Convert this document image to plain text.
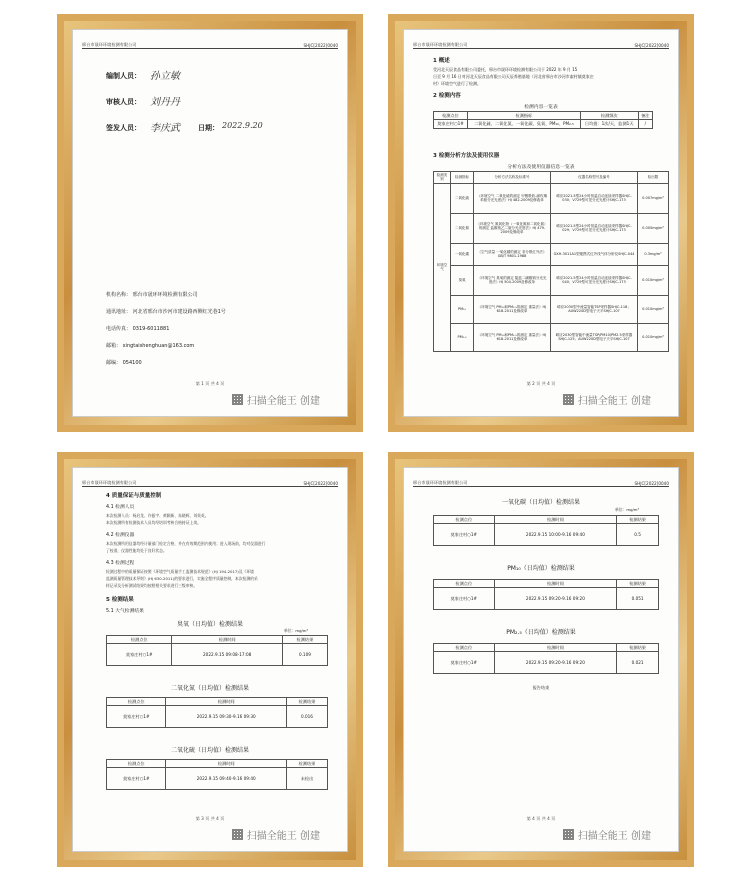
邢台市晟环环境检测有限公司	SHJC[2022]0040
编制人员： 孙立敏
审核人员： 刘丹丹
签发人员： 李庆武	日期： 2022.9.20
机构名称： 邢台市晟环环境检测有限公司
通讯地址： 河北省邢台市沙河市建设路西侧红光巷1号
电话传真： 0319-6011881
邮箱： xingtaishenghuan@163.com
邮编： 054100
第 1 页 共 4 页
扫描全能王 创建
邢台市晟环环境检测有限公司	SHJC[2022]0040
1 概述
受河北天辰食品有限公司委托，邢台市晟环环境检测有限公司于 2022 年 9 月 15
日至 9 月 16 日对河北天辰食品有限公司天辰养殖基地（河北省邢台市沙河市索村镇莫家庄
村）环境空气进行了检测。
2 检测内容
检测内容一览表
检测点位	检测指标	检测频次	备注
莫家庄村○1#	二氧化硫、二氧化氮、一氧化碳、臭氧、PM₁₀、PM₂.₅	日均值：1次/天，监测1天	/
3 检测分析方法及使用仪器
分析方法及使用仪器信息一览表
检测类别	检测指标	分析方法名称及标准号	仪器名称型号及编号	检出限
环境空气	二氧化硫	《环境空气 二氧化硫的测定 甲醛吸收-副玫瑰苯胺分光光度法》HJ 482-2009及修改单	崂应2021-5型24小时恒温自动连续采样器SHJC-030；V729型可见分光光度计SHJC-173	0.007mg/m³
	二氧化氮	《环境空气 氮氧化物（一氧化氮和二氧化氮）的测定 盐酸萘乙二胺分光光度法》HJ 479-2009及修改单	崂应2021-5型24小时恒温自动连续采样器SHJC-029；V729型可见分光光度计SHJC-173	0.005mg/m³
	一氧化碳	《空气质量 一氧化碳的测定 非分散红外法》GB/T 9801-1988	GXH-3011A1型便携式红外线气体分析仪SHJC-044	0.3mg/m³
	臭氧	《环境空气 臭氧的测定 靛蓝二磺酸钠分光光度法》HJ 504-2009及修改单	崂应2021-5型24小时恒温自动连续采样器SHJC-040；V729型可见分光光度计SHJC-173	0.010mg/m³
	PM₁₀	《环境空气 PM₁₀和PM₂.₅的测定 重量法》HJ 618-2011及修改单	崂应2030型中流量智能TSP采样器SHJC-118；AUW220D型电子天平SHJC-107	0.010mg/m³
	PM₂.₅	《环境空气 PM₁₀和PM₂.₅的测定 重量法》HJ 618-2011及修改单	崂应2030型智能中流量TSP/PM10/PM2.5采样器SHJC-125；AUW220D型电子天平SHJC-107	0.010mg/m³
第 2 页 共 4 页
扫描全能王 创建
邢台市晟环环境检测有限公司	SHJC[2022]0040
4 质量保证与质量控制
4.1 检测人员
本次检测人员：杨启龙、许振宇、黄颖新、朱晓辉、刘英英。
本次检测所有检测技术人员均经培训考核合格持证上岗。
4.2 检测仪器
本次检测所用仪器均经计量部门检定合格，并在有效期范围内使用；进入现场前，均对仪器进行
了校准，仪器性能均处于良好状态。
4.3 检测过程
检测过程中的质量保证按照《环境空气质量手工监测技术规范》(HJ 194-2017)及《环境
监测质量管理技术导则》(HJ 630-2011)的要求进行，实施全程序质量控制，本次检测的采
样记录及分析测试结果均按照相关要求进行三级审核。
5 检测结果
5.1 大气检测结果
臭氧（日均值）检测结果
单位：mg/m³
检测点位	检测时间	检测结果
莫家庄村○1#	2022.9.15 09:08-17:08	0.109
二氧化氮（日均值）检测结果
检测点位	检测时间	检测结果
莫家庄村○1#	2022.9.15 09:30-9.16 09:30	0.016
二氧化硫（日均值）检测结果
检测点位	检测时间	检测结果
莫家庄村○1#	2022.9.15 09:40-9.16 09:40	未检出
第 3 页 共 4 页
扫描全能王 创建
邢台市晟环环境检测有限公司	SHJC[2022]0040
一氧化碳（日均值）检测结果
单位：mg/m³
检测点位	检测时间	检测结果
莫家庄村○1#	2022.9.15 10:00-9.16 09:40	0.5
PM₁₀（日均值）检测结果
检测点位	检测时间	检测结果
莫家庄村○1#	2022.9.15 09:20-9.16 09:20	0.051
PM₂.₅（日均值）检测结果
检测点位	检测时间	检测结果
莫家庄村○1#	2022.9.15 09:20-9.16 09:20	0.021
报告结束
第 4 页 共 4 页
扫描全能王 创建
